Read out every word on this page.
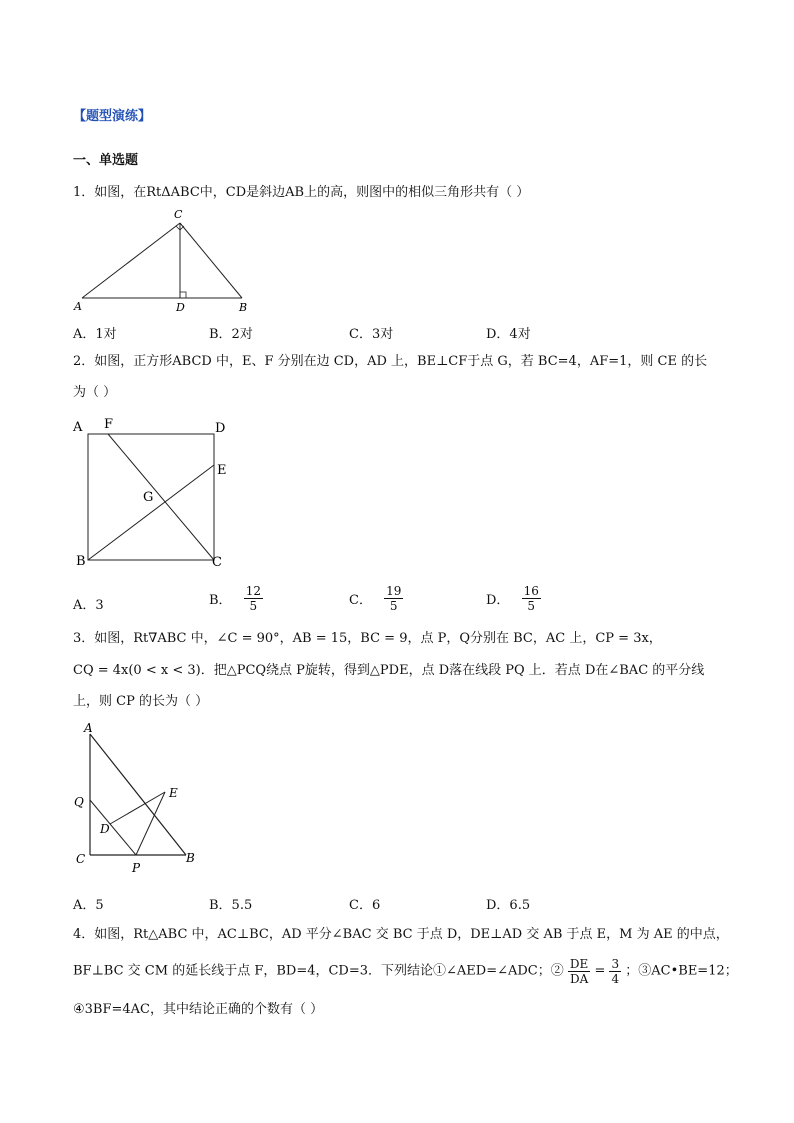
【题型演练】
一、单选题
1．如图，在RtΔABC中，CD是斜边AB上的高，则图中的相似三角形共有（ ）
C
A	D	B
A．1对	B．2对	C．3对	D．4对
2．如图，正方形ABCD 中，E、F 分别在边 CD，AD 上，BE⊥CF于点 G，若 BC=4，AF=1，则 CE 的长
为（ ）
A F	D
E
G
B	C
A．3	B． $\frac{12}{5}$	C． $\frac{19}{5}$	D． $\frac{16}{5}$
3．如图，Rt∇ABC 中，∠C = 90°，AB = 15，BC = 9，点 P，Q分别在 BC，AC 上，CP = 3x，
CQ = 4x(0 < x < 3)．把△PCQ绕点 P旋转，得到△PDE，点 D落在线段 PQ 上．若点 D在∠BAC 的平分线
上，则 CP 的长为（ ）
A
Q
E
D
C
P
B
A．5	B．5.5	C．6	D．6.5
4．如图，Rt△ABC 中，AC⊥BC，AD 平分∠BAC 交 BC 于点 D，DE⊥AD 交 AB 于点 E，M 为 AE 的中点，
BF⊥BC 交 CM 的延长线于点 F，BD=4，CD=3．下列结论①∠AED=∠ADC；② $\frac{DE}{DA} = \frac{3}{4}$ ；③AC•BE=12；
④3BF=4AC，其中结论正确的个数有（ ）
